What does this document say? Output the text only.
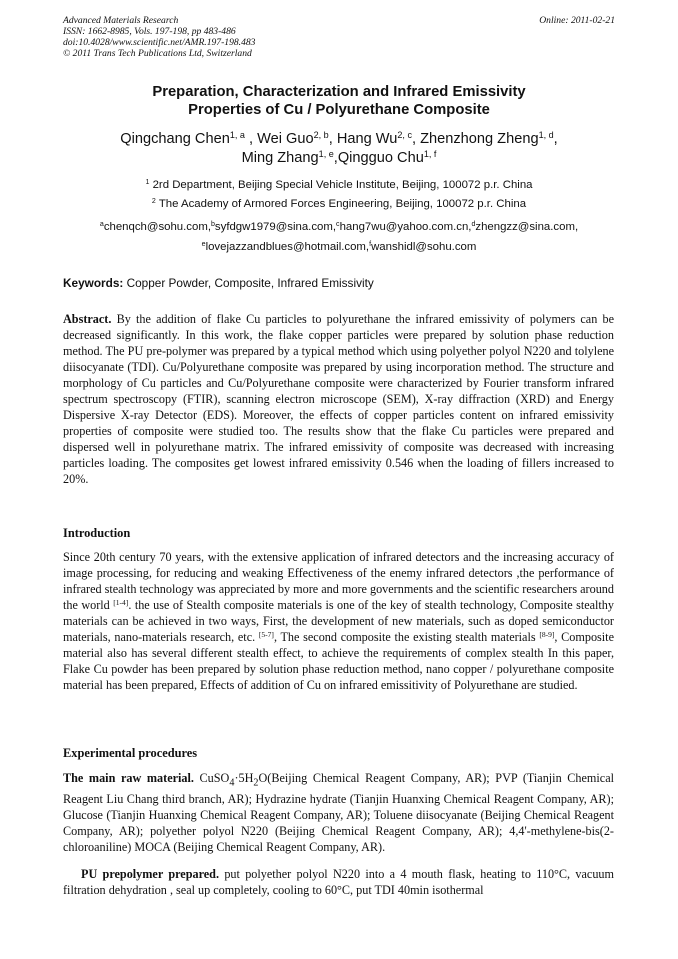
Advanced Materials Research
ISSN: 1662-8985, Vols. 197-198, pp 483-486
doi:10.4028/www.scientific.net/AMR.197-198.483
© 2011 Trans Tech Publications Ltd, Switzerland
Online: 2011-02-21
Preparation, Characterization and Infrared Emissivity
Properties of Cu / Polyurethane Composite
Qingchang Chen$^{1, a}$ , Wei Guo$^{2, b}$, Hang Wu$^{2, c}$, Zhenzhong Zheng$^{1, d}$,
Ming Zhang$^{1, e}$,Qingguo Chu$^{1, f}$
$^1$ 2rd Department, Beijing Special Vehicle Institute, Beijing, 100072 p.r. China
$^2$ The Academy of Armored Forces Engineering, Beijing, 100072 p.r. China
$^a$chenqch@sohu.com,$^b$syfdgw1979@sina.com,$^c$hang7wu@yahoo.com.cn,$^d$zhengzz@sina.com,
$^e$lovejazzandblues@hotmail.com,$^f$wanshidl@sohu.com
Keywords: Copper Powder, Composite, Infrared Emissivity
Abstract. By the addition of flake Cu particles to polyurethane the infrared emissivity of polymers can be decreased significantly. In this work, the flake copper particles were prepared by solution phase reduction method. The PU pre-polymer was prepared by a typical method which using polyether polyol N220 and tolylene diisocyanate (TDI). Cu/Polyurethane composite was prepared by using incorporation method. The structure and morphology of Cu particles and Cu/Polyurethane composite were characterized by Fourier transform infrared spectrum spectroscopy (FTIR), scanning electron microscope (SEM), X-ray diffraction (XRD) and Energy Dispersive X-ray Detector (EDS). Moreover, the effects of copper particles content on infrared emissivity properties of composite were studied too. The results show that the flake Cu particles were prepared and dispersed well in polyurethane matrix. The infrared emissivity of composite was decreased with increasing particles loading. The composites get lowest infrared emissivity 0.546 when the loading of fillers increased to 20%.
Introduction
Since 20th century 70 years, with the extensive application of infrared detectors and the increasing accuracy of image processing, for reducing and weaking Effectiveness of the enemy infrared detectors ,the performance of infrared stealth technology was appreciated by more and more governments and the scientific researchers around the world [1-4]. the use of Stealth composite materials is one of the key of stealth technology, Composite stealthy materials can be achieved in two ways, First, the development of new materials, such as doped semiconductor materials, nano-materials research, etc. [5-7], The second composite the existing stealth materials [8-9], Composite material also has several different stealth effect, to achieve the requirements of complex stealth In this paper, Flake Cu powder has been prepared by solution phase reduction method, nano copper / polyurethane composite material has been prepared, Effects of addition of Cu on infrared emissitivity of Polyurethane are studied.
Experimental procedures
The main raw material. $CuSO_4\cdot 5H_2O(Beijing$ Chemical Reagent Company, AR); PVP (Tianjin Chemical Reagent Liu Chang third branch, AR); Hydrazine hydrate (Tianjin Huanxing Chemical Reagent Company, AR); Glucose (Tianjin Huanxing Chemical Reagent Company, AR); Toluene diisocyanate (Beijing Chemical Reagent Company, AR); polyether polyol N220 (Beijing Chemical Reagent Company, AR); 4,4'-methylene-bis(2-chloroaniline) MOCA (Beijing Chemical Reagent Company, AR).
PU prepolymer prepared. put polyether polyol N220 into a 4 mouth flask, heating to 110°C, vacuum filtration dehydration , seal up completely, cooling to 60°C, put TDI 40min isothermal
